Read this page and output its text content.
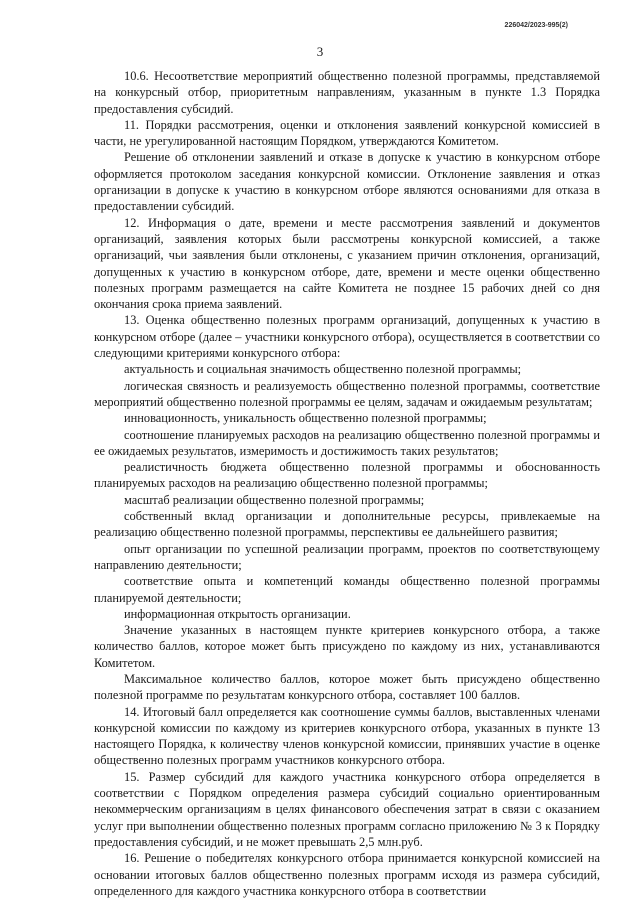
226042/2023-995(2)
3

10.6. Несоответствие мероприятий общественно полезной программы, представляемой на конкурсный отбор, приоритетным направлениям, указанным в пункте 1.3 Порядка предоставления субсидий.

11. Порядки рассмотрения, оценки и отклонения заявлений конкурсной комиссией в части, не урегулированной настоящим Порядком, утверждаются Комитетом.

Решение об отклонении заявлений и отказе в допуске к участию в конкурсном отборе оформляется протоколом заседания конкурсной комиссии. Отклонение заявления и отказ организации в допуске к участию в конкурсном отборе являются основаниями для отказа в предоставлении субсидий.

12. Информация о дате, времени и месте рассмотрения заявлений и документов организаций, заявления которых были рассмотрены конкурсной комиссией, а также организаций, чьи заявления были отклонены, с указанием причин отклонения, организаций, допущенных к участию в конкурсном отборе, дате, времени и месте оценки общественно полезных программ размещается на сайте Комитета не позднее 15 рабочих дней со дня окончания срока приема заявлений.

13. Оценка общественно полезных программ организаций, допущенных к участию в конкурсном отборе (далее – участники конкурсного отбора), осуществляется в соответствии со следующими критериями конкурсного отбора:

актуальность и социальная значимость общественно полезной программы;

логическая связность и реализуемость общественно полезной программы, соответствие мероприятий общественно полезной программы ее целям, задачам и ожидаемым результатам;

инновационность, уникальность общественно полезной программы;

соотношение планируемых расходов на реализацию общественно полезной программы и ее ожидаемых результатов, измеримость и достижимость таких результатов;

реалистичность бюджета общественно полезной программы и обоснованность планируемых расходов на реализацию общественно полезной программы;

масштаб реализации общественно полезной программы;

собственный вклад организации и дополнительные ресурсы, привлекаемые на реализацию общественно полезной программы, перспективы ее дальнейшего развития;

опыт организации по успешной реализации программ, проектов по соответствующему направлению деятельности;

соответствие опыта и компетенций команды общественно полезной программы планируемой деятельности;

информационная открытость организации.

Значение указанных в настоящем пункте критериев конкурсного отбора, а также количество баллов, которое может быть присуждено по каждому из них, устанавливаются Комитетом.

Максимальное количество баллов, которое может быть присуждено общественно полезной программе по результатам конкурсного отбора, составляет 100 баллов.

14. Итоговый балл определяется как соотношение суммы баллов, выставленных членами конкурсной комиссии по каждому из критериев конкурсного отбора, указанных в пункте 13 настоящего Порядка, к количеству членов конкурсной комиссии, принявших участие в оценке общественно полезных программ участников конкурсного отбора.

15. Размер субсидий для каждого участника конкурсного отбора определяется в соответствии с Порядком определения размера субсидий социально ориентированным некоммерческим организациям в целях финансового обеспечения затрат в связи с оказанием услуг при выполнении общественно полезных программ согласно приложению № 3 к Порядку предоставления субсидий, и не может превышать 2,5 млн.руб.

16. Решение о победителях конкурсного отбора принимается конкурсной комиссией на основании итоговых баллов общественно полезных программ исходя из размера субсидий, определенного для каждого участника конкурсного отбора в соответствии
